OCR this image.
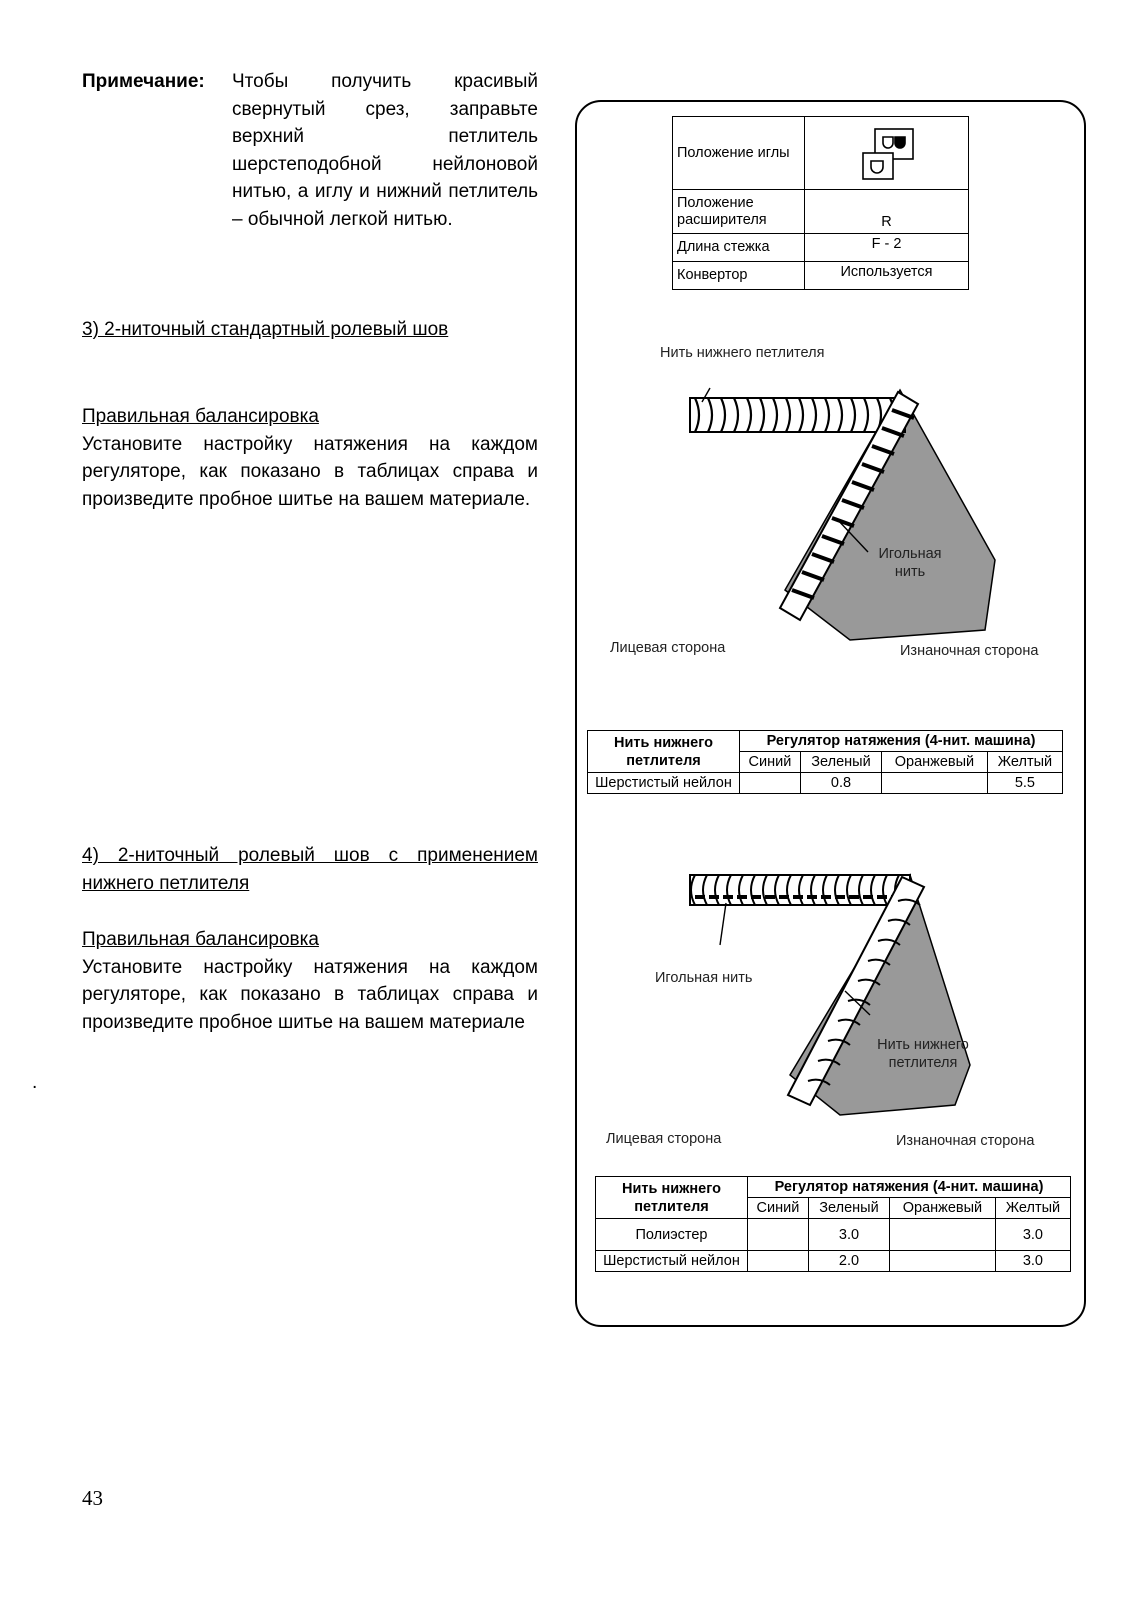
Примечание:	Чтобы получить красивый свернутый срез, заправьте верхний петлитель шерстеподобной нейлоновой нитью, а иглу и нижний петлитель – обычной легкой нитью.
3) 2-ниточный стандартный ролевый шов
Правильная балансировка
Установите настройку натяжения на каждом регуляторе, как показано в таблицах справа и произведите пробное шитье на вашем материале.
4) 2-ниточный ролевый шов с применением нижнего петлителя
Правильная балансировка
Установите настройку натяжения на каждом регуляторе, как показано в таблицах справа и произведите пробное шитье на вашем материале
.
43
Положение иглы	
Положение расширителя	R
Длина стежка	F - 2
Конвертор	Используется
Нить нижнего петлителя
Игольная нить
Лицевая сторона	Изнаночная сторона
Нить нижнего петлителя	Регулятор натяжения (4-нит. машина)			
	Синий	Зеленый	Оранжевый	Желтый
Шерстистый нейлон		0.8		5.5
Игольная нить
Нить нижнего петлителя
Лицевая сторона	Изнаночная сторона
Нить нижнего петлителя	Регулятор натяжения (4-нит. машина)			
	Синий	Зеленый	Оранжевый	Желтый
Полиэстер		3.0		3.0
Шерстистый нейлон		2.0		3.0
